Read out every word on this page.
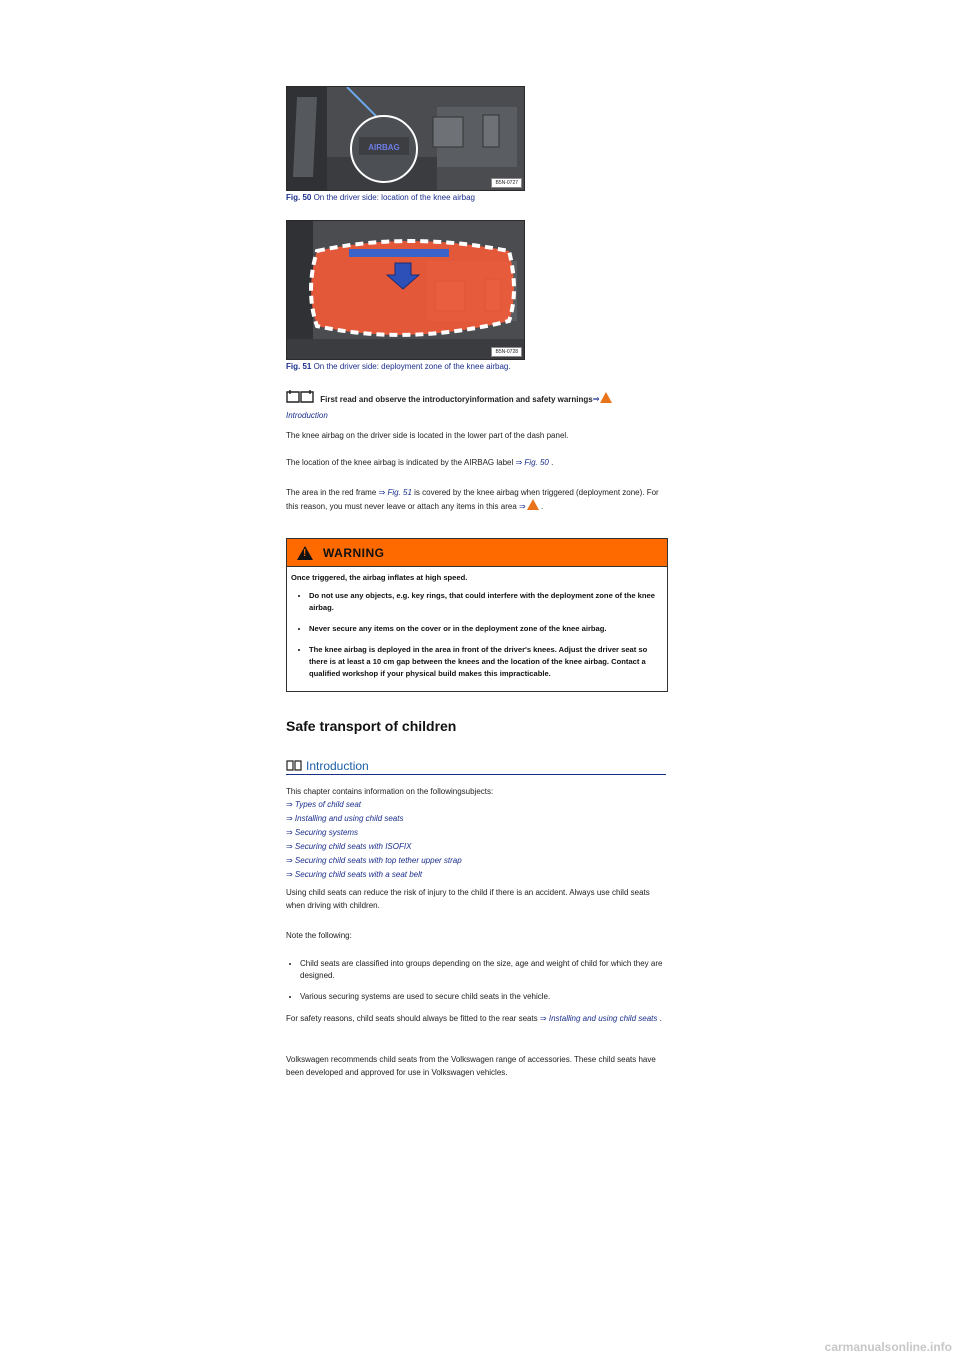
AIRBAG
B5N-0727
Fig. 50 On the driver side: location of the knee airbag
B5N-0728
Fig. 51 On the driver side: deployment zone of the knee airbag.

First read and observe the introductoryinformation and safety warnings⇒

Introduction

The knee airbag on the driver side is located in the lower part of the dash panel.

The location of the knee airbag is indicated by the AIRBAG label ⇒ Fig. 50 .

The area in the red frame ⇒ Fig. 51 is covered by the knee airbag when triggered (deployment zone). For this reason, you must never leave or attach any items in this area ⇒ .

!
WARNING
Once triggered, the airbag inflates at high speed.
• Do not use any objects, e.g. key rings, that could interfere with the deployment zone of the knee airbag.
• Never secure any items on the cover or in the deployment zone of the knee airbag.
• The knee airbag is deployed in the area in front of the driver's knees. Adjust the driver seat so there is at least a 10 cm gap between the knees and the location of the knee airbag. Contact a qualified workshop if your physical build makes this impracticable.
Safe transport of children
Introduction

This chapter contains information on the followingsubjects:

⇒ Types of child seat

⇒ Installing and using child seats

⇒ Securing systems

⇒ Securing child seats with ISOFIX

⇒ Securing child seats with top tether upper strap

⇒ Securing child seats with a seat belt

Using child seats can reduce the risk of injury to the child if there is an accident. Always use child seats when driving with children.

Note the following:

• Child seats are classified into groups depending on the size, age and weight of child for which they are designed.
• Various securing systems are used to secure child seats in the vehicle.

For safety reasons, child seats should always be fitted to the rear seats ⇒ Installing and using child seats .

Volkswagen recommends child seats from the Volkswagen range of accessories. These child seats have been developed and approved for use in Volkswagen vehicles.

carmanualsonline.info
